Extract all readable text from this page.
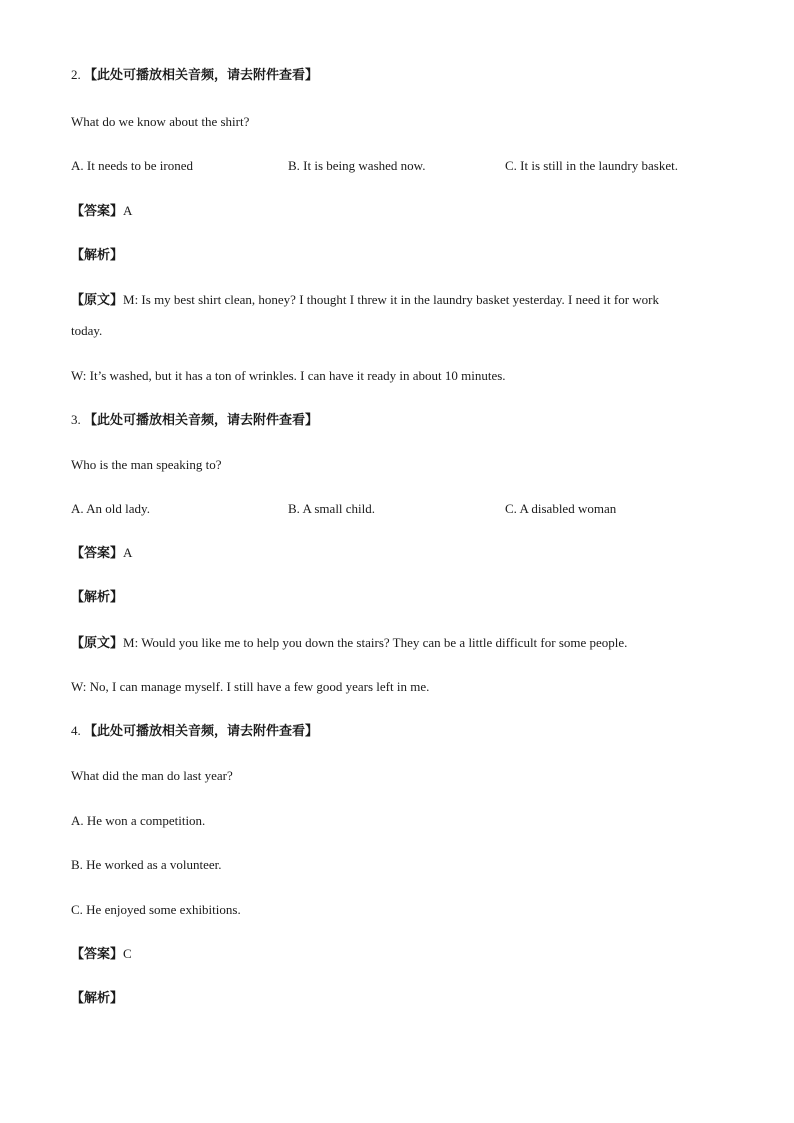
2. 【此处可播放相关音频，请去附件查看】
What do we know about the shirt?
A. It needs to be ironed	B. It is being washed now.	C. It is still in the laundry basket.
【答案】A
【解析】
【原文】M: Is my best shirt clean, honey? I thought I threw it in the laundry basket yesterday. I need it for work
today.
W: It’s washed, but it has a ton of wrinkles. I can have it ready in about 10 minutes.
3. 【此处可播放相关音频，请去附件查看】
Who is the man speaking to?
A. An old lady.	B. A small child.	C. A disabled woman
【答案】A
【解析】
【原文】M: Would you like me to help you down the stairs? They can be a little difficult for some people.
W: No, I can manage myself. I still have a few good years left in me.
4. 【此处可播放相关音频，请去附件查看】
What did the man do last year?
A. He won a competition.
B. He worked as a volunteer.
C. He enjoyed some exhibitions.
【答案】C
【解析】
